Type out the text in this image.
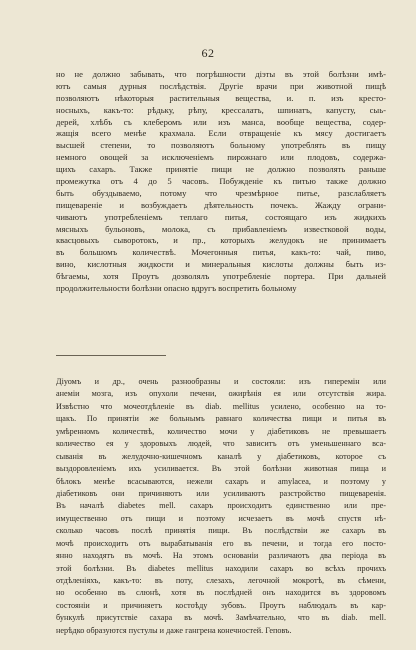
62
но не должно забывать, что погрѣшности діэты въ этой болѣзни имѣ-
ютъ самыя дурныя послѣдствія. Другіе врачи при животной пищѣ
позволяютъ нѣкоторыя растительныя вещества, и. п. изъ кресто-
носныхъ, какъ-то: рѣдьку, рѣпу, крессалатъ, шпинатъ, капусту, сыь-
дерей, хлѣбъ съ клеберомъ или изъ манса, вообще вещества, содер-
жащія всего менѣе крахмала. Если отвращеніе къ мясу достигаетъ
высшей степени, то позволяютъ больному употреблять въ пищу
немного овощей за исключеніемъ пирожнаго или плодовъ, содержа-
щихъ сахаръ. Также принятіе пищи не должно позволять раньше
промежутка отъ 4 до 5 часовъ. Побужденіе къ питью также должно
быть обуздываемо, потому что чрезмѣрное питье, разслабляетъ
пищевареніе и возбуждаетъ дѣятельность почекъ. Жажду ограни-
чиваютъ употребленіемъ теплаго питья, состоящаго изъ жидкихъ
мясныхъ бульоновъ, молока, съ прибавленіемъ известковой воды,
квасцовыхъ сыворотокъ, и пр., которыхъ желудокъ не принимаетъ
въ большомъ количествѣ. Мочегонныя питья, какъ-то: чай, пиво,
вино, кислотныя жидкости и минеральныя кислоты должны быть из-
бѣгаемы, хотя Проутъ дозволялъ употребленіе портера. При дальней
продолжительности болѣзни опасно вдругъ воспретить больному
Діуомъ и др., очень разнообразны и состояли: изъ гиперемін или
анеміи мозга, изъ опухоли печени, ожирѣнія ея или отсутствія жира.
Извѣстно что мочеотдѣленіе въ diab. mellitus усилено, особенно на то-
щакъ. По принятіи же больнымъ равнаго количества пищи и питья въ
умѣренномъ количествѣ, количество мочи у діабетиковъ не превышаетъ
количество ея у здоровыхъ людей, что зависитъ отъ уменьшеннаго вса-
сыванія въ желудочно-кишечномъ каналѣ у діабетиковъ, которое съ
выздоровленіемъ ихъ усиливается. Въ этой болѣзни животная пища и
бѣлокъ менѣе всасываются, нежели сахаръ и amylacea, и поэтому у
діабетиковъ они причиняютъ или усиливаютъ разстройство пищеваренія.
Въ началѣ diabetes mell. сахаръ происходитъ единственно или пре-
имущественно отъ пищи и поэтому исчезаетъ въ мочѣ спустя нѣ-
сколько часовъ послѣ принятія пищи. Въ послѣдствіи же сахаръ въ
мочѣ происходитъ отъ вырабатыванія его въ печени, и тогда его посто-
янно находятъ въ мочѣ. На этомъ основаніи различаютъ два періода въ
этой болѣзни. Въ diabetes mellitus находили сахаръ во всѣхъ прочихъ
отдѣленіяхъ, какъ-то: въ поту, слезахъ, легочной мокротѣ, въ сѣмени,
но особенно въ слюнѣ, хотя въ послѣдней онъ находится въ здоровомъ
состояніи и причиняетъ костоѣду зубовъ. Проутъ наблюдалъ въ кар-
бункулѣ присутствіе сахара въ мочѣ. Замѣчательно, что въ diab. mell.
нерѣдко образуются пустулы и даже гангрена конечностей. Геповъ.
